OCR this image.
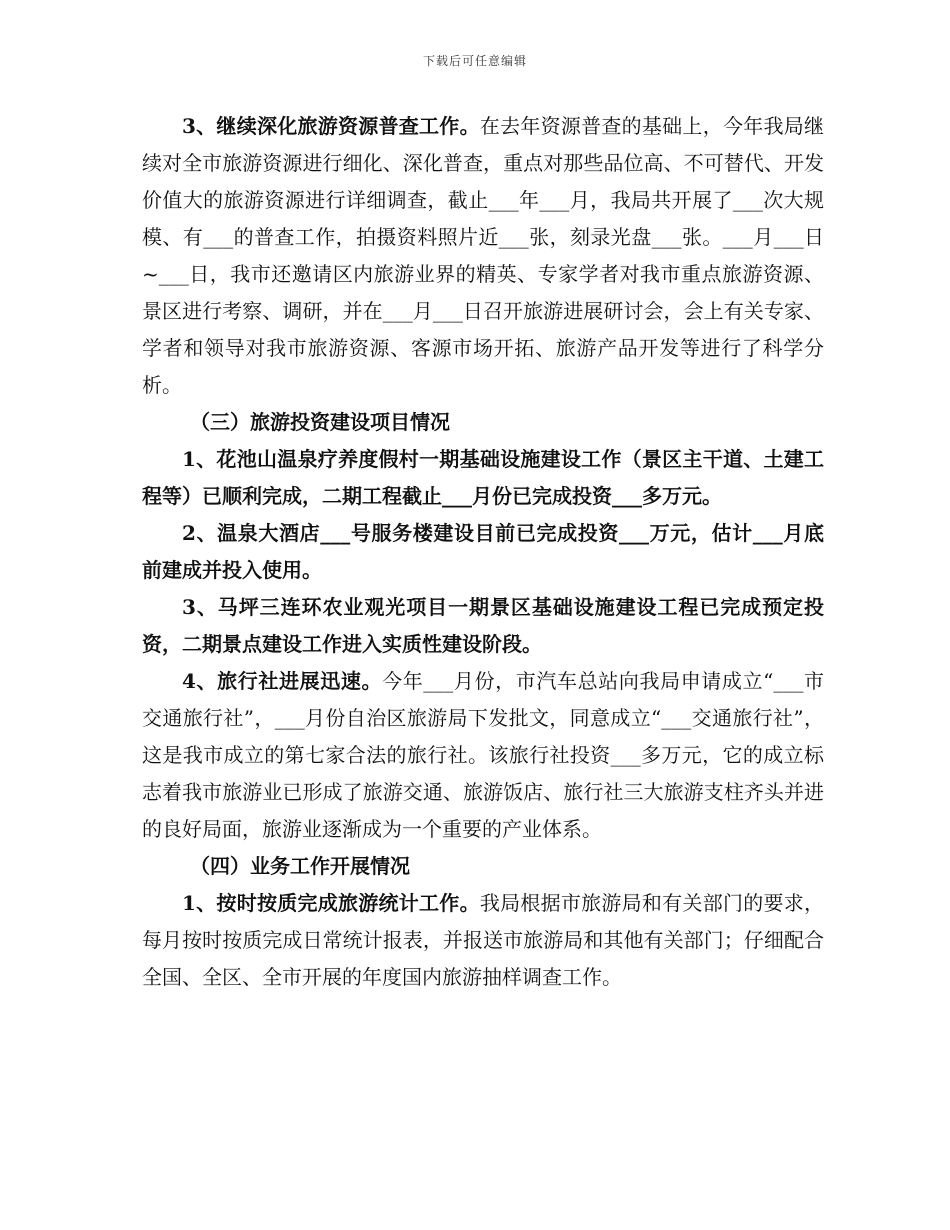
下载后可任意编辑

3、继续深化旅游资源普查工作。在去年资源普查的基础上，今年我局继续对全市旅游资源进行细化、深化普查，重点对那些品位高、不可替代、开发价值大的旅游资源进行详细调查，截止___年___月，我局共开展了___次大规模、有___的普查工作，拍摄资料照片近___张，刻录光盘___张。___月___日~___日，我市还邀请区内旅游业界的精英、专家学者对我市重点旅游资源、景区进行考察、调研，并在___月___日召开旅游进展研讨会，会上有关专家、学者和领导对我市旅游资源、客源市场开拓、旅游产品开发等进行了科学分析。

（三）旅游投资建设项目情况

1、花池山温泉疗养度假村一期基础设施建设工作（景区主干道、土建工程等）已顺利完成，二期工程截止___月份已完成投资___多万元。

2、温泉大酒店___号服务楼建设目前已完成投资___万元，估计___月底前建成并投入使用。

3、马坪三连环农业观光项目一期景区基础设施建设工程已完成预定投资，二期景点建设工作进入实质性建设阶段。

4、旅行社进展迅速。今年___月份，市汽车总站向我局申请成立“___市交通旅行社”，___月份自治区旅游局下发批文，同意成立“___交通旅行社”，这是我市成立的第七家合法的旅行社。该旅行社投资___多万元，它的成立标志着我市旅游业已形成了旅游交通、旅游饭店、旅行社三大旅游支柱齐头并进的良好局面，旅游业逐渐成为一个重要的产业体系。

（四）业务工作开展情况

1、按时按质完成旅游统计工作。我局根据市旅游局和有关部门的要求，每月按时按质完成日常统计报表，并报送市旅游局和其他有关部门；仔细配合全国、全区、全市开展的年度国内旅游抽样调查工作。
